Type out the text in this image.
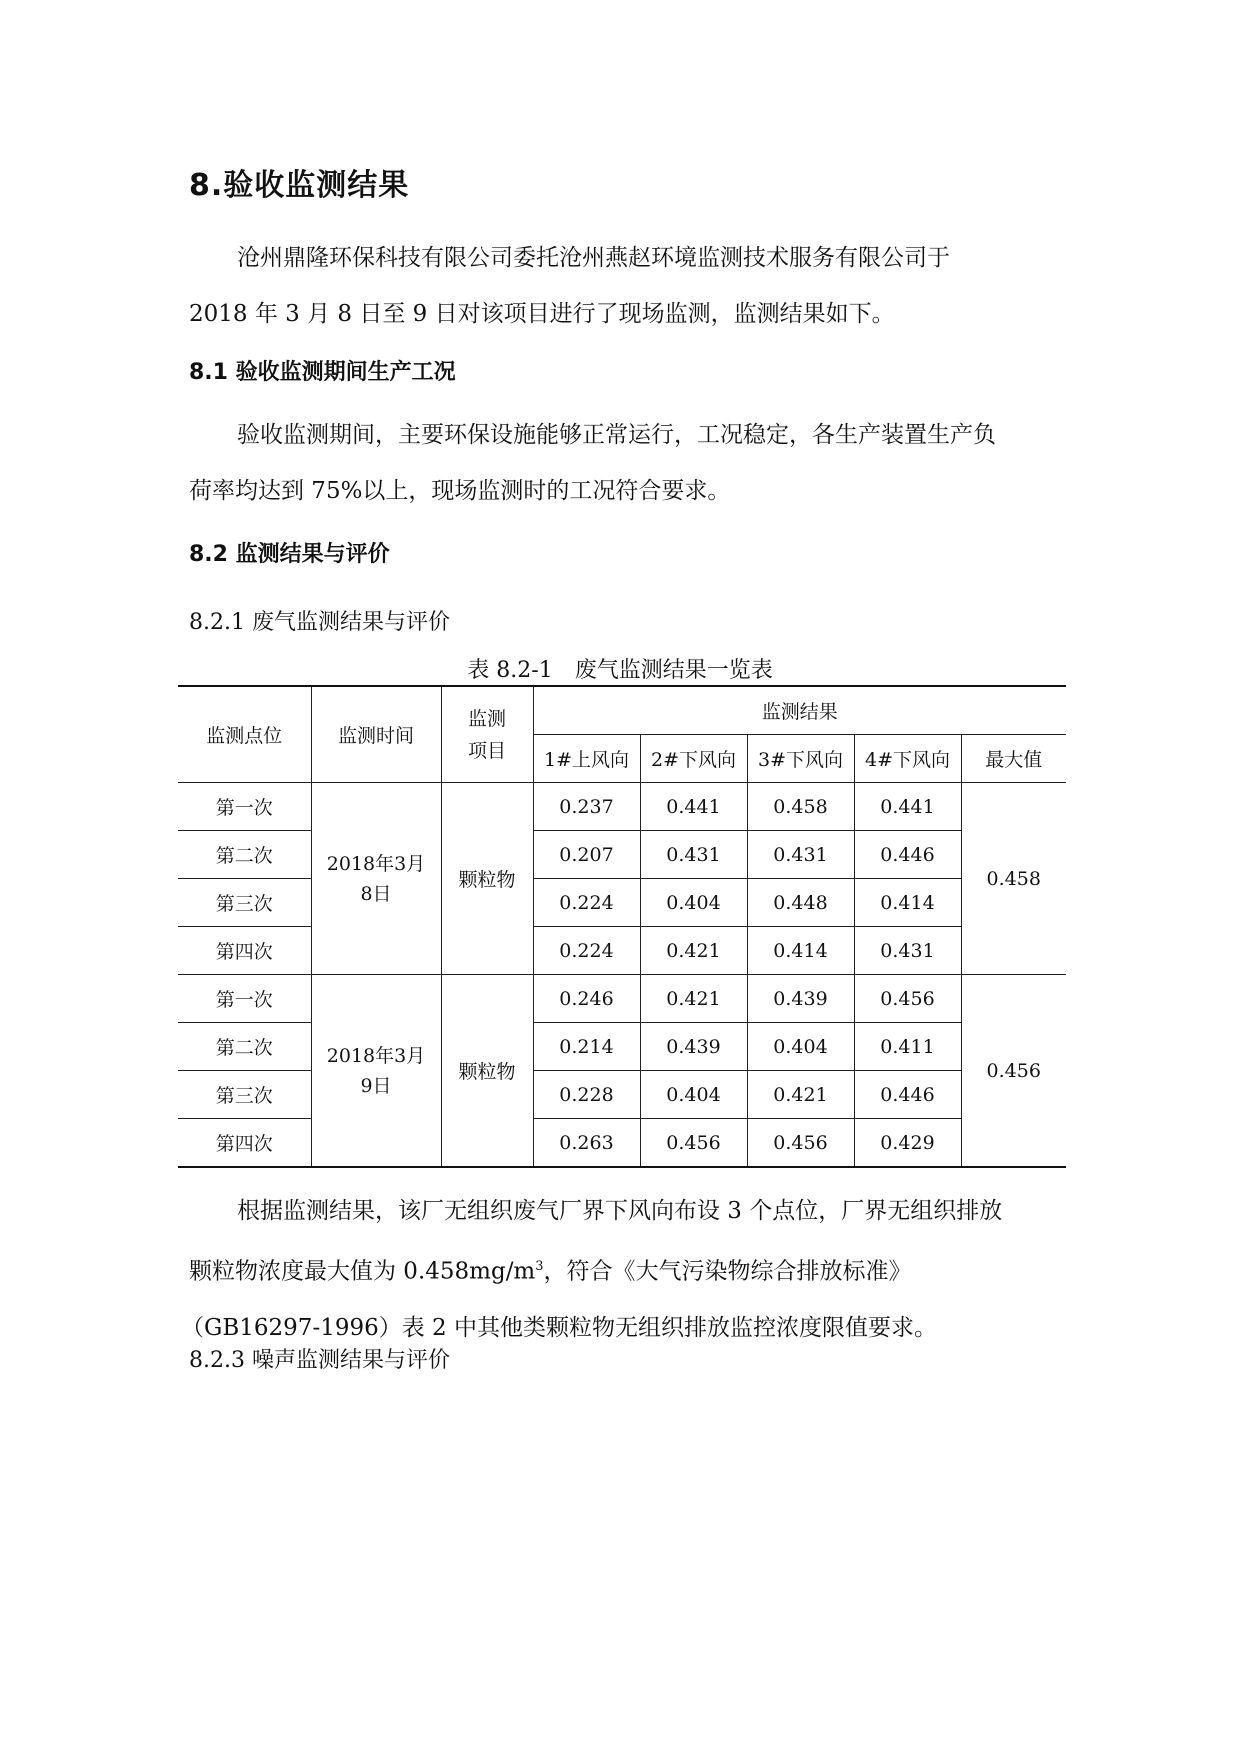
8.验收监测结果
沧州鼎隆环保科技有限公司委托沧州燕赵环境监测技术服务有限公司于
2018 年 3 月 8 日至 9 日对该项目进行了现场监测，监测结果如下。
8.1 验收监测期间生产工况
验收监测期间，主要环保设施能够正常运行，工况稳定，各生产装置生产负
荷率均达到 75%以上，现场监测时的工况符合要求。
8.2 监测结果与评价
8.2.1 废气监测结果与评价
表 8.2-1　废气监测结果一览表
监测点位	监测时间	监测项目	监测结果				
			1#上风向	2#下风向	3#下风向	4#下风向	最大值
第一次	2018年3月8日	颗粒物	0.237	0.441	0.458	0.441	0.458
第二次			0.207	0.431	0.431	0.446	
第三次			0.224	0.404	0.448	0.414	
第四次			0.224	0.421	0.414	0.431	
第一次	2018年3月9日	颗粒物	0.246	0.421	0.439	0.456	0.456
第二次			0.214	0.439	0.404	0.411	
第三次			0.228	0.404	0.421	0.446	
第四次			0.263	0.456	0.456	0.429	
根据监测结果，该厂无组织废气厂界下风向布设 3 个点位，厂界无组织排放
颗粒物浓度最大值为 $0.458mg/m^3$，符合《大气污染物综合排放标准》
（GB16297-1996）表 2 中其他类颗粒物无组织排放监控浓度限值要求。
8.2.3 噪声监测结果与评价
